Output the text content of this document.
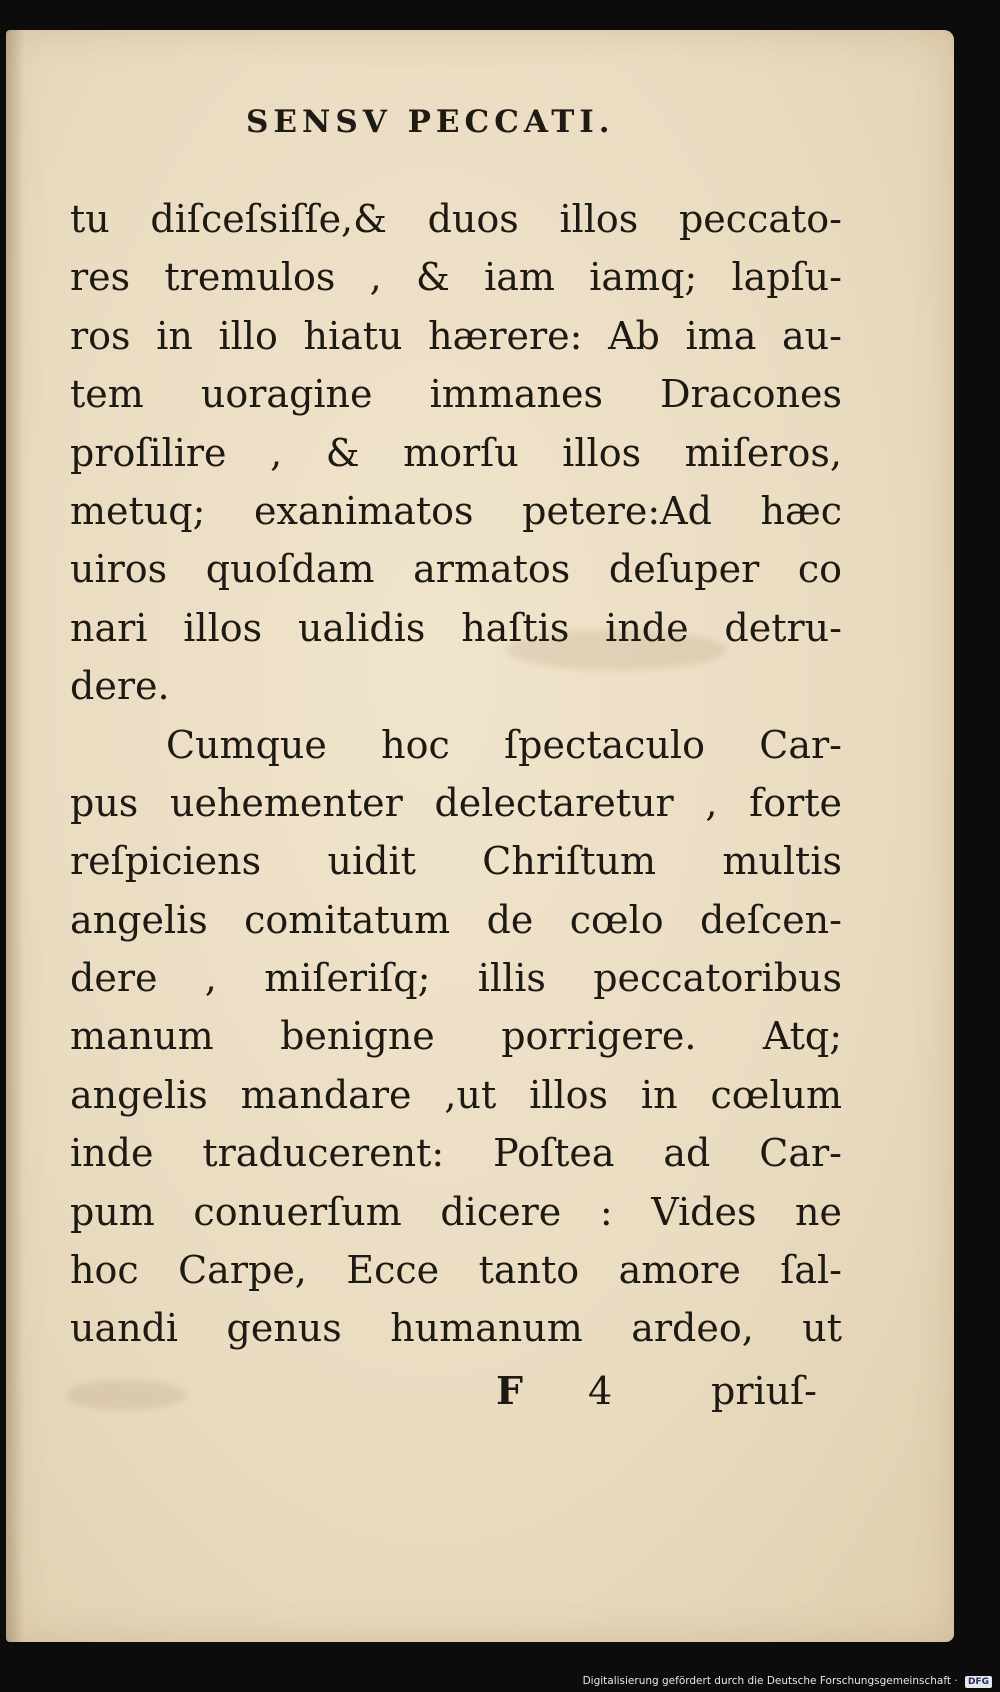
SENSV PECCATI.
tu diſceſsiſſe,& duos illos peccato-
res tremulos , & iam iamq; lapſu-
ros in illo hiatu hærere: Ab ima au-
tem uoragine immanes Dracones
proſilire , & morſu illos miſeros,
metuq; exanimatos petere:Ad hæc
uiros quoſdam armatos deſuper co
nari illos ualidis haſtis inde detru-
dere.
Cumque hoc ſpectaculo Car-
pus uehementer delectaretur , forte
reſpiciens uidit Chriſtum multis
angelis comitatum de cœlo deſcen-
dere , miſeriſq; illis peccatoribus
manum benigne porrigere. Atq;
angelis mandare ,ut illos in cœlum
inde traducerent: Poſtea ad Car-
pum conuerſum dicere : Vides ne
hoc Carpe, Ecce tanto amore ſal-
uandi genus humanum ardeo, ut
F 4	priuſ-
Digitalisierung gefördert durch die Deutsche Forschungsgemeinschaft · DFG
